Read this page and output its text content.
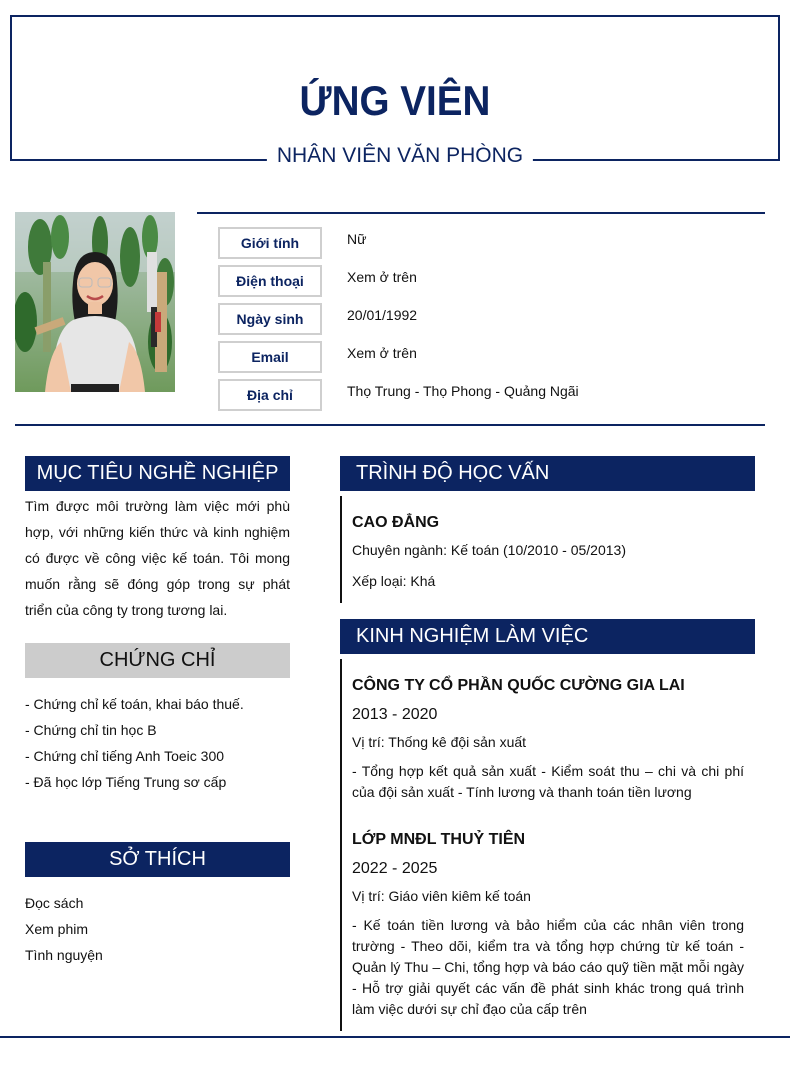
ỨNG VIÊN
NHÂN VIÊN VĂN PHÒNG
Giới tính	Nữ
Điện thoại	Xem ở trên
Ngày sinh	20/01/1992
Email	Xem ở trên
Địa chỉ	Thọ Trung - Thọ Phong - Quảng Ngãi
MỤC TIÊU NGHỀ NGHIỆP
Tìm được môi trường làm việc mới phù hợp, với những kiến thức và kinh nghiệm có được về công việc kế toán. Tôi mong muốn rằng sẽ đóng góp trong sự phát triển của công ty trong tương lai.
CHỨNG CHỈ
- Chứng chỉ kế toán, khai báo thuế.
- Chứng chỉ tin học B
- Chứng chỉ tiếng Anh Toeic 300
- Đã học lớp Tiếng Trung sơ cấp
SỞ THÍCH
Đọc sách
Xem phim
Tình nguyện
TRÌNH ĐỘ HỌC VẤN
CAO ĐẲNG
Chuyên ngành: Kế toán (10/2010 - 05/2013)
Xếp loại: Khá
KINH NGHIỆM LÀM VIỆC
CÔNG TY CỔ PHẦN QUỐC CƯỜNG GIA LAI
2013 - 2020
Vị trí: Thống kê đội sản xuất
- Tổng hợp kết quả sản xuất - Kiểm soát thu – chi và chi phí của đội sản xuất - Tính lương và thanh toán tiền lương
LỚP MNĐL THUỶ TIÊN
2022 - 2025
Vị trí: Giáo viên kiêm kế toán
- Kế toán tiền lương và bảo hiểm của các nhân viên trong trường - Theo dõi, kiểm tra và tổng hợp chứng từ kế toán - Quản lý Thu – Chi, tổng hợp và báo cáo quỹ tiền mặt mỗi ngày - Hỗ trợ giải quyết các vấn đề phát sinh khác trong quá trình làm việc dưới sự chỉ đạo của cấp trên
